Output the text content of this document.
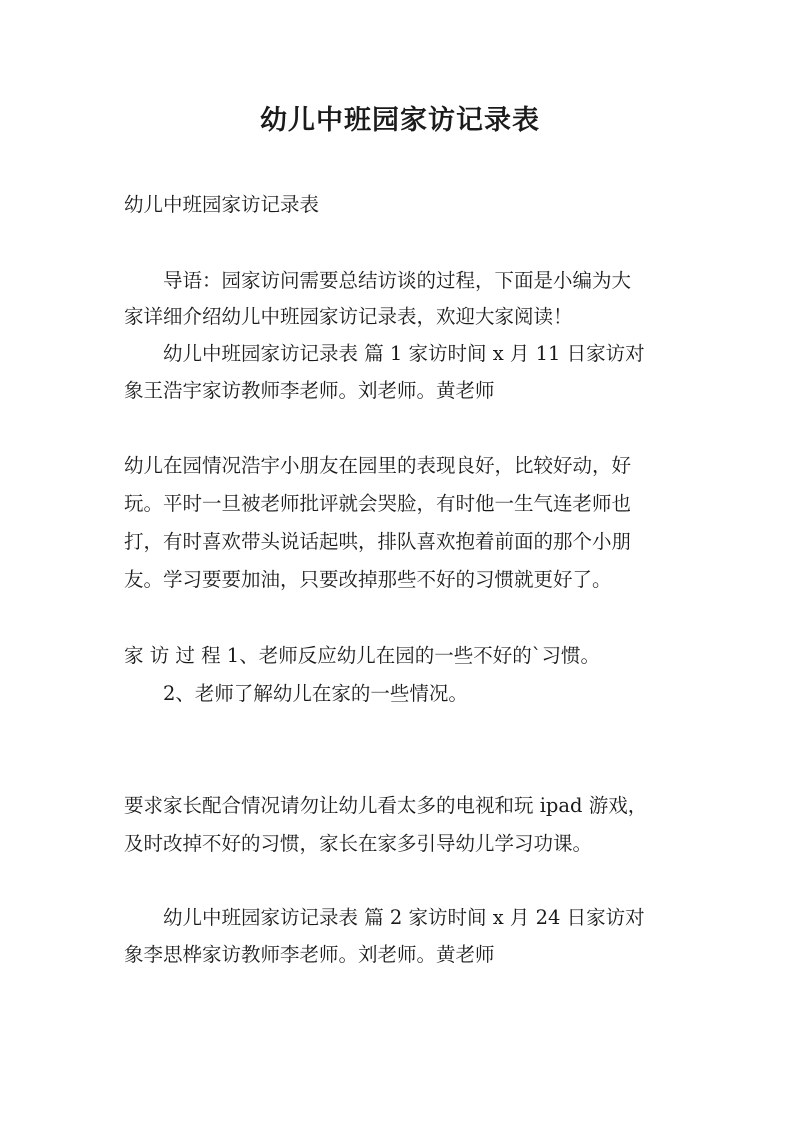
幼儿中班园家访记录表
幼儿中班园家访记录表
导语：园家访问需要总结访谈的过程，下面是小编为大
家详细介绍幼儿中班园家访记录表，欢迎大家阅读！
幼儿中班园家访记录表 篇 1 家访时间 x 月 11 日家访对
象王浩宇家访教师李老师。刘老师。黄老师
幼儿在园情况浩宇小朋友在园里的表现良好，比较好动，好
玩。平时一旦被老师批评就会哭脸，有时他一生气连老师也
打，有时喜欢带头说话起哄，排队喜欢抱着前面的那个小朋
友。学习要要加油，只要改掉那些不好的习惯就更好了。
家 访 过 程 1、老师反应幼儿在园的一些不好的`习惯。
2、老师了解幼儿在家的一些情况。
要求家长配合情况请勿让幼儿看太多的电视和玩 ipad 游戏，
及时改掉不好的习惯，家长在家多引导幼儿学习功课。
幼儿中班园家访记录表 篇 2 家访时间 x 月 24 日家访对
象李思桦家访教师李老师。刘老师。黄老师
